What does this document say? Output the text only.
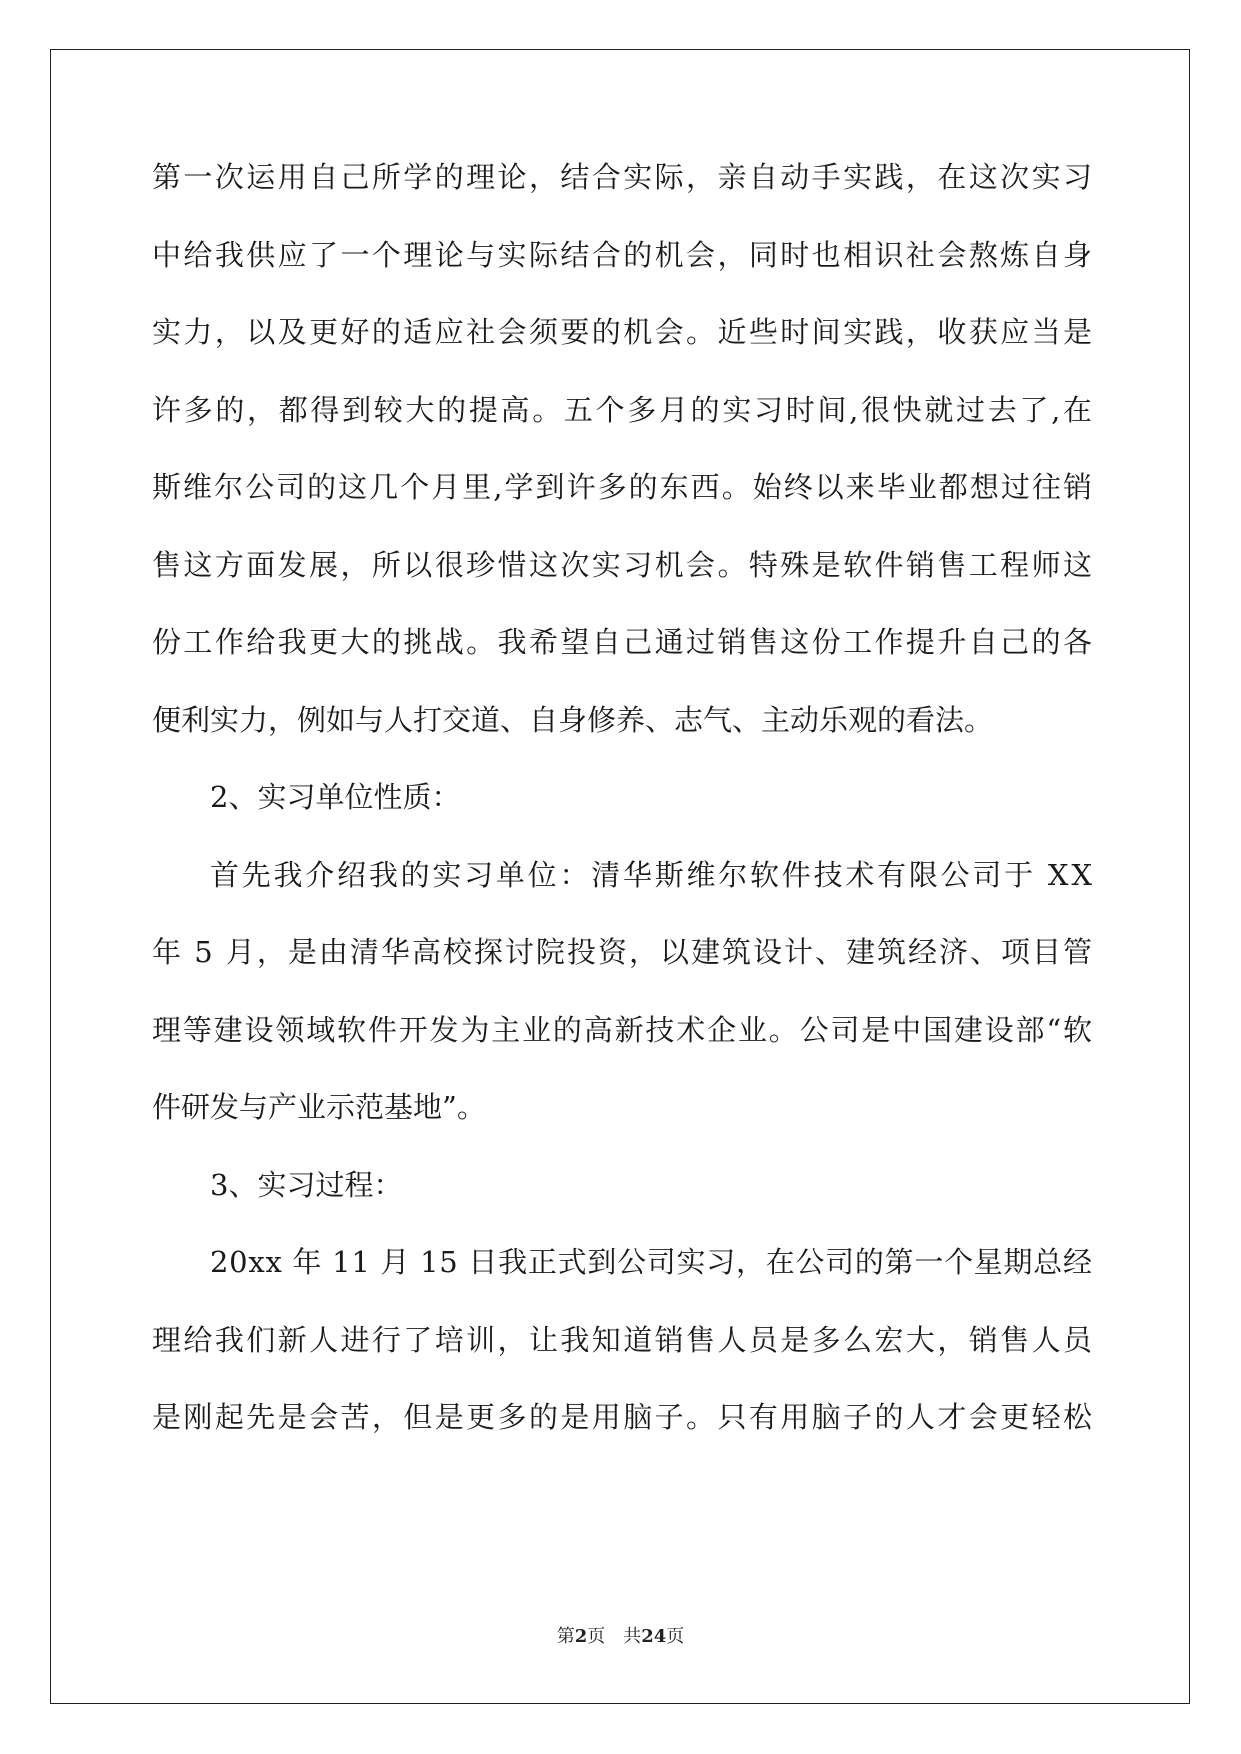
第一次运用自己所学的理论，结合实际，亲自动手实践，在这次实习
中给我供应了一个理论与实际结合的机会，同时也相识社会熬炼自身
实力，以及更好的适应社会须要的机会。近些时间实践，收获应当是
许多的，都得到较大的提高。五个多月的实习时间,很快就过去了,在
斯维尔公司的这几个月里,学到许多的东西。始终以来毕业都想过往销
售这方面发展，所以很珍惜这次实习机会。特殊是软件销售工程师这
份工作给我更大的挑战。我希望自己通过销售这份工作提升自己的各
便利实力，例如与人打交道、自身修养、志气、主动乐观的看法。
2、实习单位性质：
首先我介绍我的实习单位：清华斯维尔软件技术有限公司于 XX
年 5 月，是由清华高校探讨院投资，以建筑设计、建筑经济、项目管
理等建设领域软件开发为主业的高新技术企业。公司是中国建设部“软
件研发与产业示范基地”。
3、实习过程：
20xx 年 11 月 15 日我正式到公司实习，在公司的第一个星期总经
理给我们新人进行了培训，让我知道销售人员是多么宏大，销售人员
是刚起先是会苦，但是更多的是用脑子。只有用脑子的人才会更轻松
第2页　共24页
